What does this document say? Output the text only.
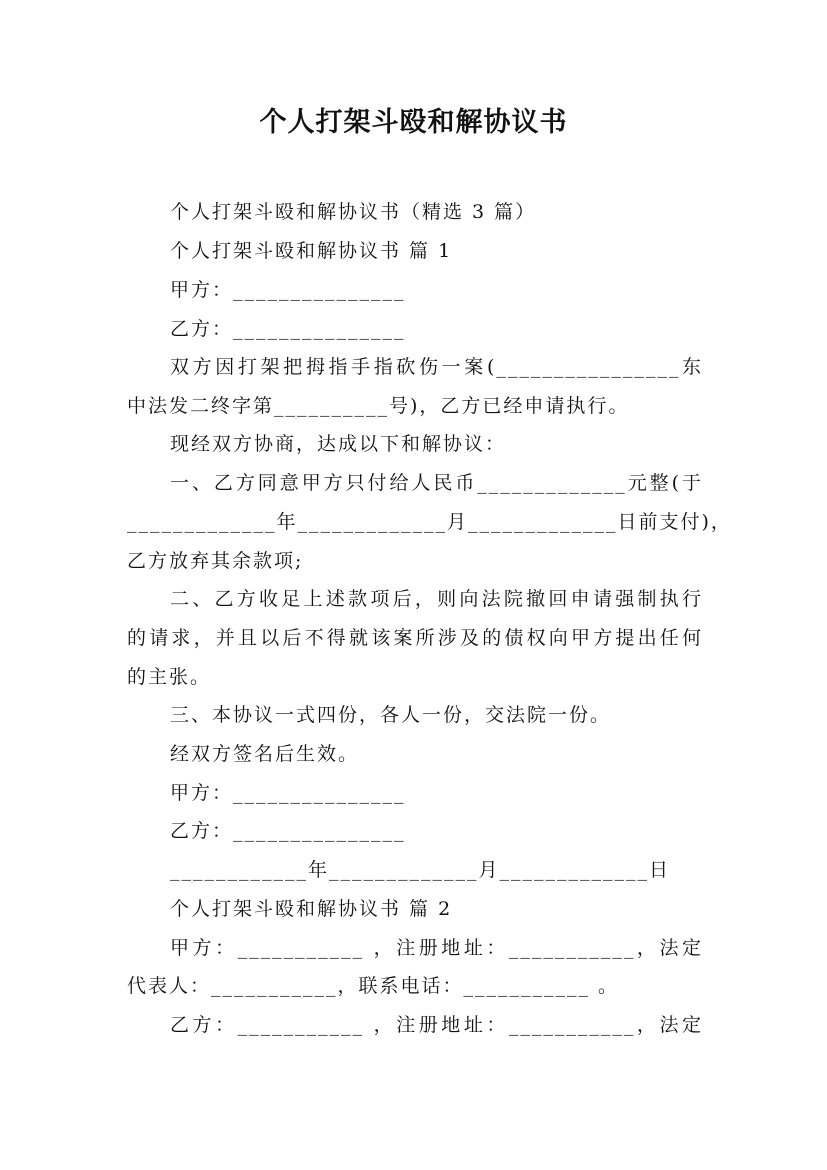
个人打架斗殴和解协议书
个人打架斗殴和解协议书（精选 3 篇）
个人打架斗殴和解协议书 篇 1
甲方：_______________
乙方：_______________
双方因打架把拇指手指砍伤一案(________________东
中法发二终字第__________号)，乙方已经申请执行。
现经双方协商，达成以下和解协议：
一、乙方同意甲方只付给人民币_____________元整(于
_____________年_____________月_____________日前支付)，
乙方放弃其余款项;
二、乙方收足上述款项后，则向法院撤回申请强制执行
的请求，并且以后不得就该案所涉及的债权向甲方提出任何
的主张。
三、本协议一式四份，各人一份，交法院一份。
经双方签名后生效。
甲方：_______________
乙方：_______________
____________年_____________月_____________日
个人打架斗殴和解协议书 篇 2
甲方：___________ ，注册地址：___________，法定
代表人：___________，联系电话：___________ 。
乙方：___________ ，注册地址：___________，法定
